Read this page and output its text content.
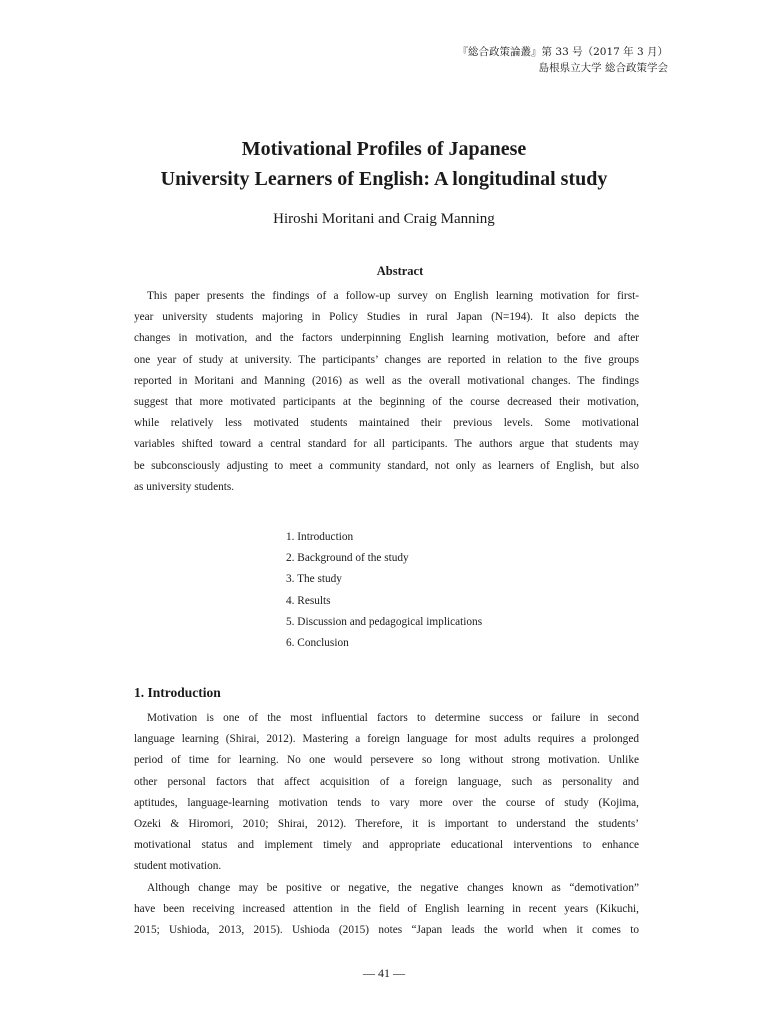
『総合政策論叢』第 33 号（2017 年 3 月）
島根県立大学 総合政策学会
Motivational Profiles of Japanese
University Learners of English: A longitudinal study
Hiroshi Moritani and Craig Manning
Abstract
This paper presents the findings of a follow-up survey on English learning motivation for first-
year university students majoring in Policy Studies in rural Japan (N=194). It also depicts the
changes in motivation, and the factors underpinning English learning motivation, before and after
one year of study at university. The participants’ changes are reported in relation to the five groups
reported in Moritani and Manning (2016) as well as the overall motivational changes. The findings
suggest that more motivated participants at the beginning of the course decreased their motivation,
while relatively less motivated students maintained their previous levels. Some motivational
variables shifted toward a central standard for all participants. The authors argue that students may
be subconsciously adjusting to meet a community standard, not only as learners of English, but also
as university students.
1. Introduction
2. Background of the study
3. The study
4. Results
5. Discussion and pedagogical implications
6. Conclusion
1. Introduction
Motivation is one of the most influential factors to determine success or failure in second
language learning (Shirai, 2012). Mastering a foreign language for most adults requires a prolonged
period of time for learning. No one would persevere so long without strong motivation. Unlike
other personal factors that affect acquisition of a foreign language, such as personality and
aptitudes, language-learning motivation tends to vary more over the course of study (Kojima,
Ozeki & Hiromori, 2010; Shirai, 2012). Therefore, it is important to understand the students’
motivational status and implement timely and appropriate educational interventions to enhance
student motivation.
Although change may be positive or negative, the negative changes known as “demotivation”
have been receiving increased attention in the field of English learning in recent years (Kikuchi,
2015; Ushioda, 2013, 2015). Ushioda (2015) notes “Japan leads the world when it comes to
― 41 ―
